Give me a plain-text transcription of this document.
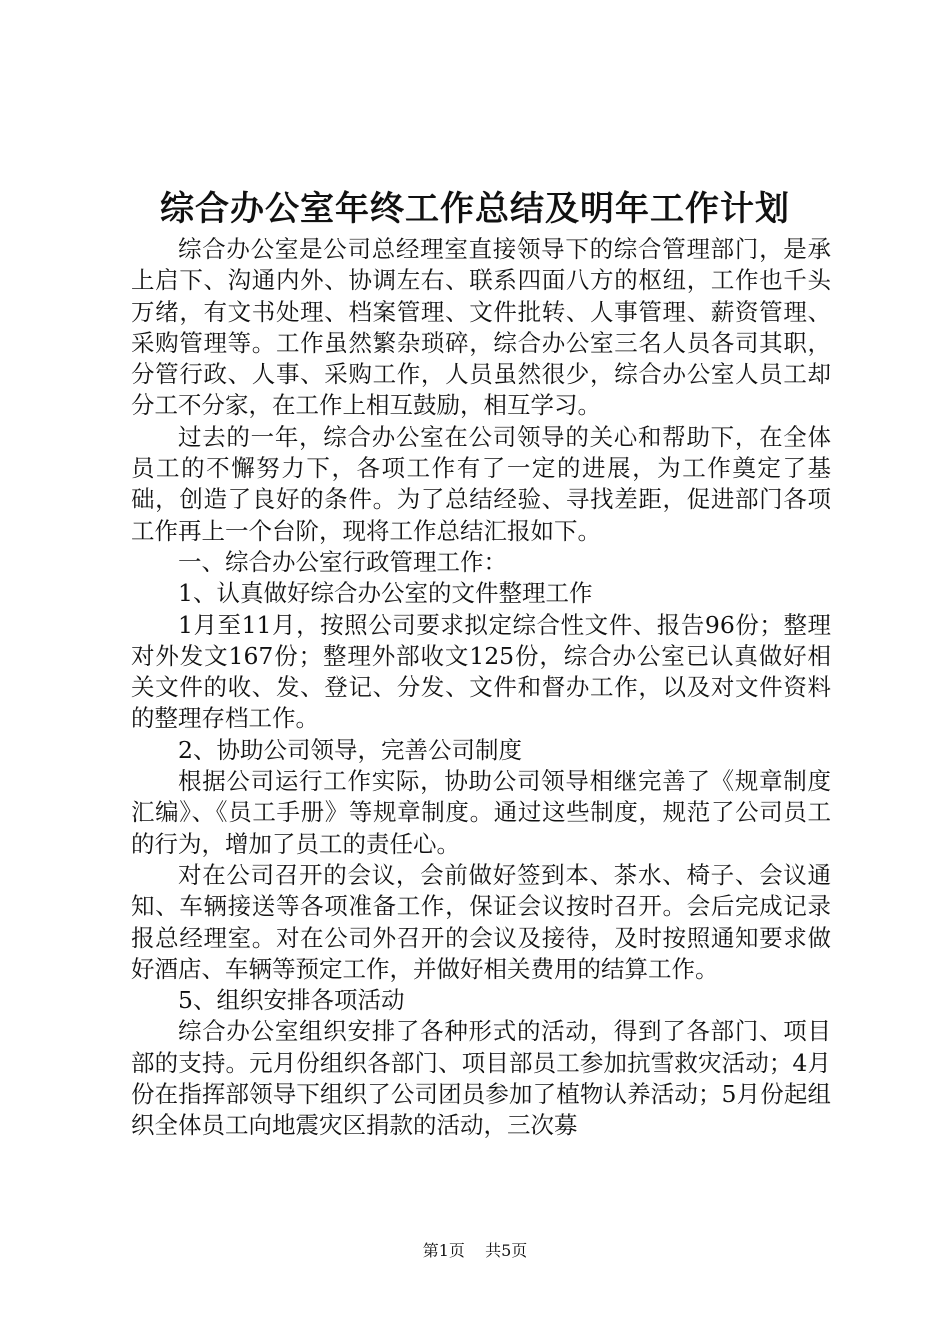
综合办公室年终工作总结及明年工作计划

综合办公室是公司总经理室直接领导下的综合管理部门，是承上启下、沟通内外、协调左右、联系四面八方的枢纽，工作也千头万绪，有文书处理、档案管理、文件批转、人事管理、薪资管理、采购管理等。工作虽然繁杂琐碎，综合办公室三名人员各司其职，分管行政、人事、采购工作，人员虽然很少，综合办公室人员工却分工不分家，在工作上相互鼓励，相互学习。

过去的一年，综合办公室在公司领导的关心和帮助下，在全体员工的不懈努力下，各项工作有了一定的进展，为工作奠定了基础，创造了良好的条件。为了总结经验、寻找差距，促进部门各项工作再上一个台阶，现将工作总结汇报如下。

一、综合办公室行政管理工作：

1、认真做好综合办公室的文件整理工作

1月至11月，按照公司要求拟定综合性文件、报告96份；整理对外发文167份；整理外部收文125份，综合办公室已认真做好相关文件的收、发、登记、分发、文件和督办工作，以及对文件资料的整理存档工作。

2、协助公司领导，完善公司制度

根据公司运行工作实际，协助公司领导相继完善了《规章制度汇编》、《员工手册》等规章制度。通过这些制度，规范了公司员工的行为，增加了员工的责任心。

对在公司召开的会议，会前做好签到本、茶水、椅子、会议通知、车辆接送等各项准备工作，保证会议按时召开。会后完成记录报总经理室。对在公司外召开的会议及接待，及时按照通知要求做好酒店、车辆等预定工作，并做好相关费用的结算工作。

5、组织安排各项活动

综合办公室组织安排了各种形式的活动，得到了各部门、项目部的支持。元月份组织各部门、项目部员工参加抗雪救灾活动；4月份在指挥部领导下组织了公司团员参加了植物认养活动；5月份起组织全体员工向地震灾区捐款的活动，三次募

第1页 共5页
